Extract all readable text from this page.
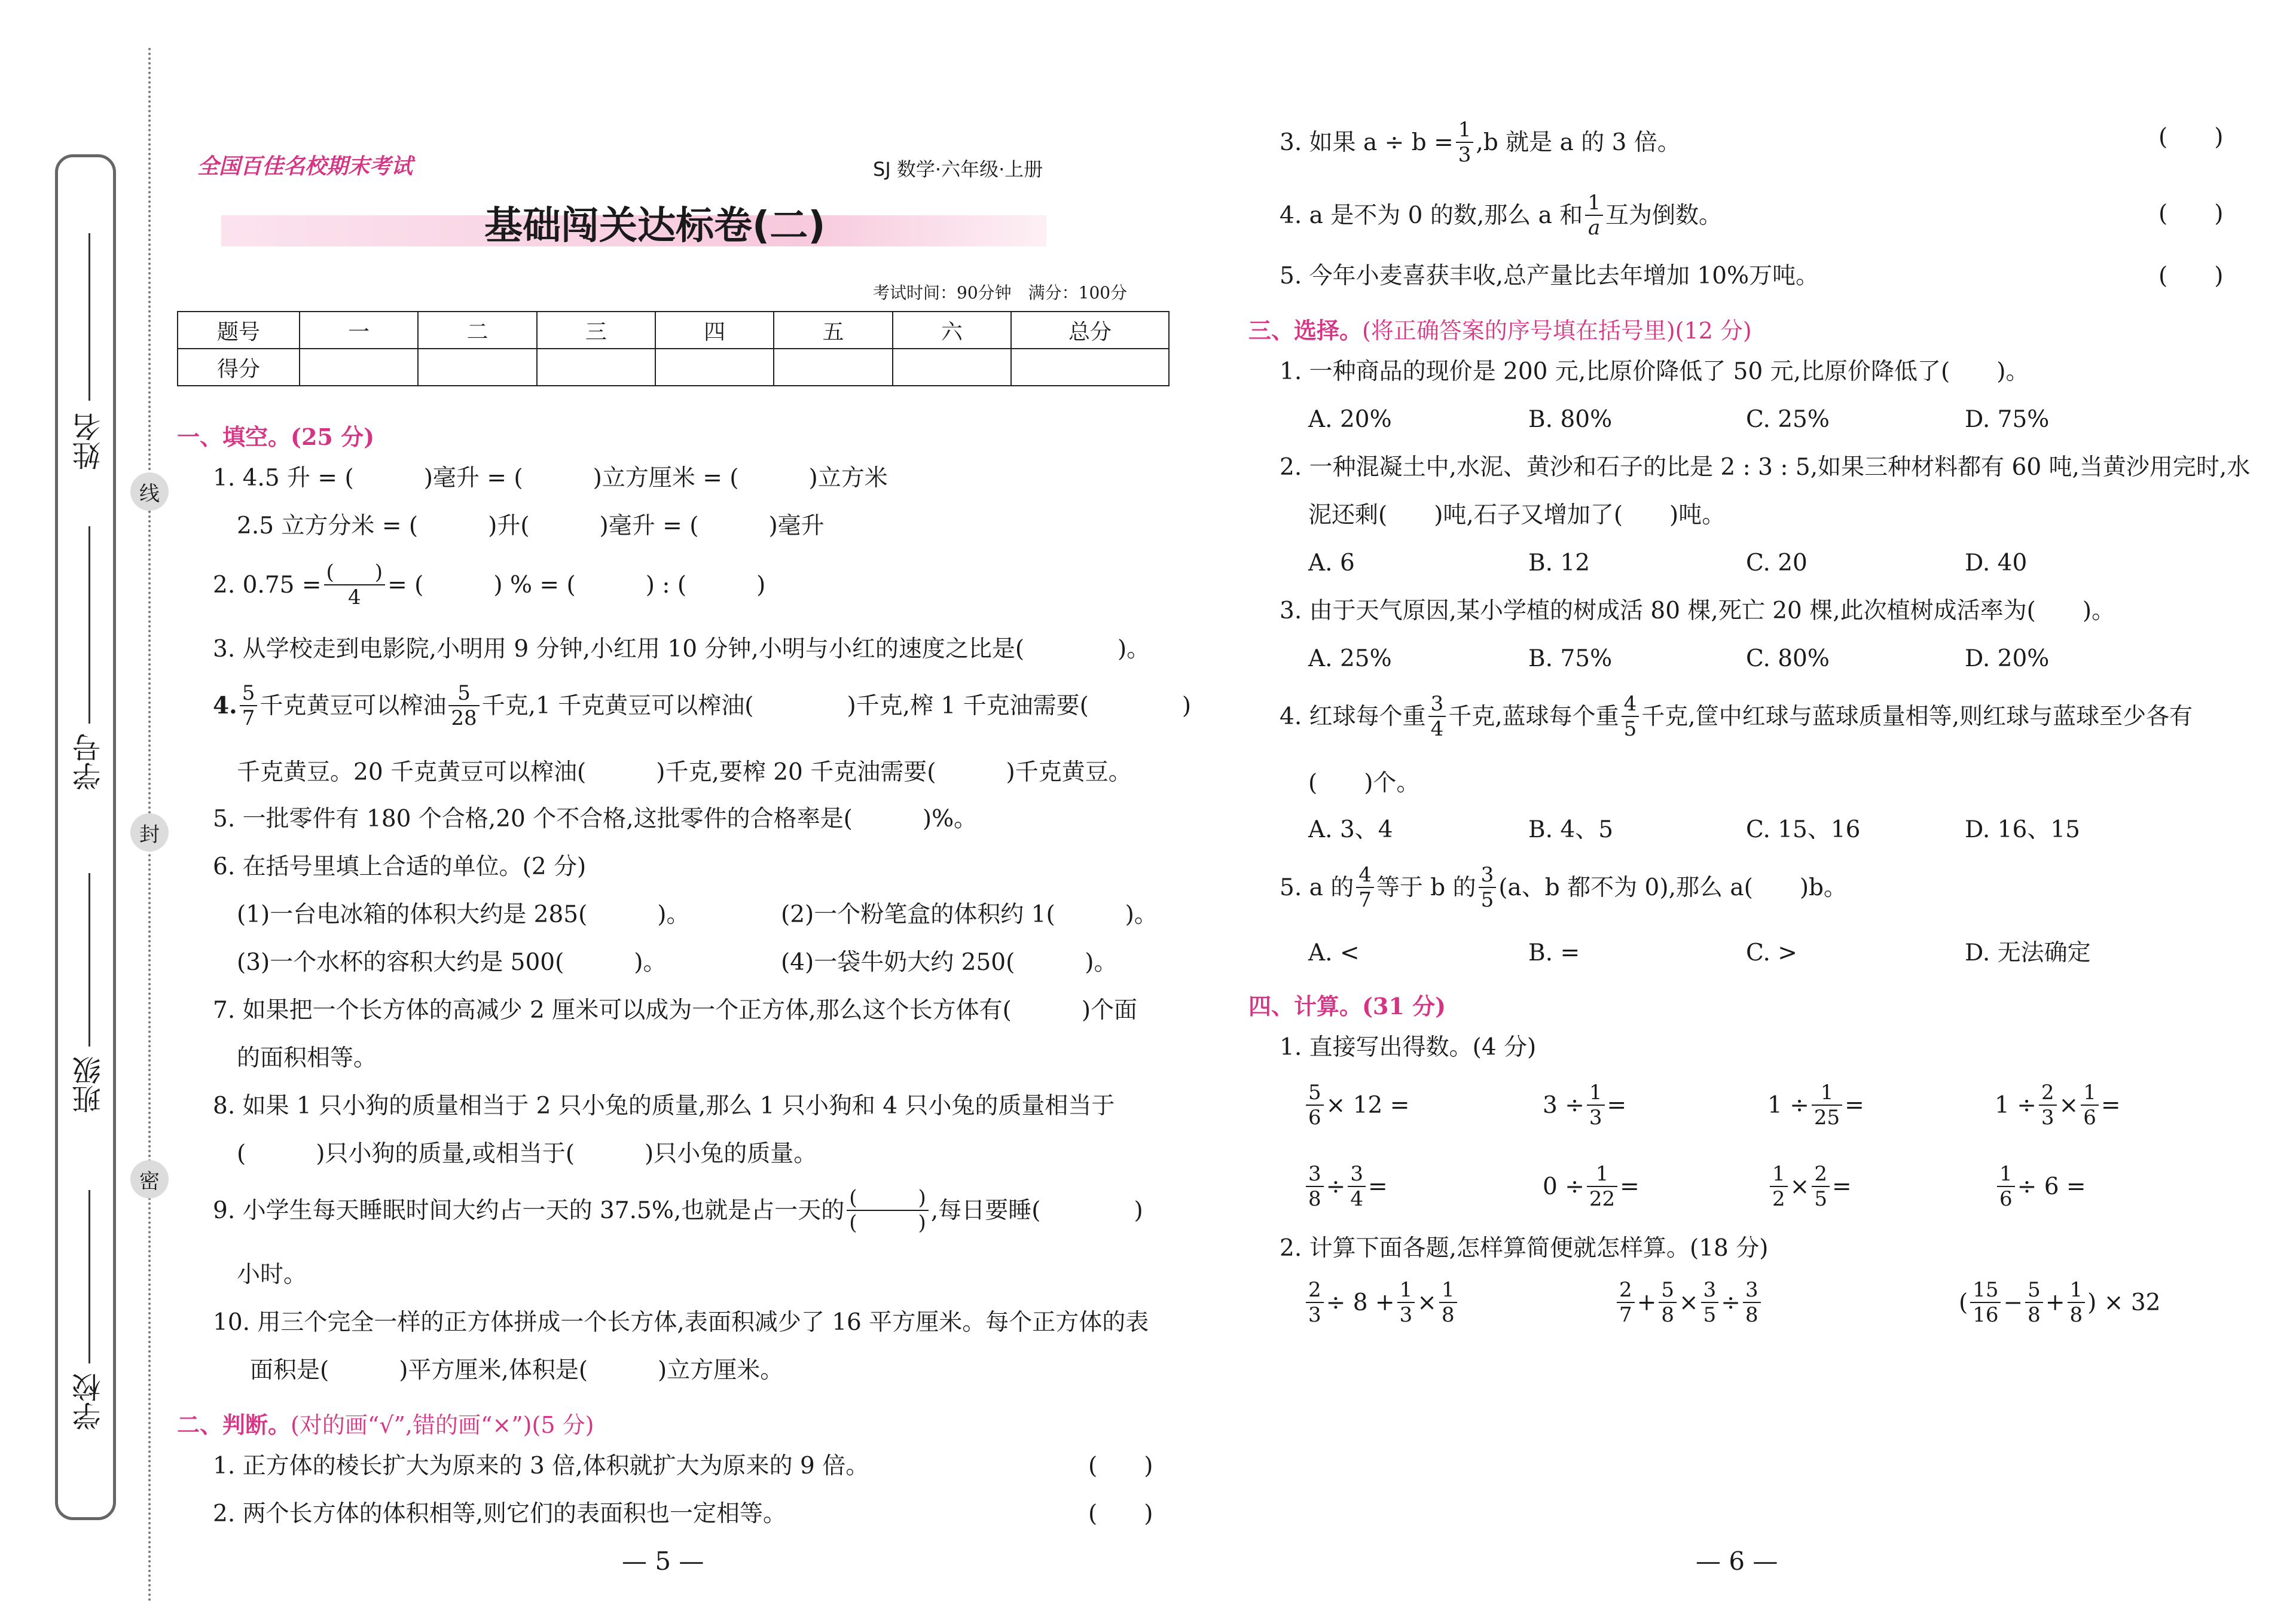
姓名
学号
班级
学校
线
封
密
全国百佳名校期末考试	SJ 数学·六年级·上册
基础闯关达标卷(二)
考试时间：90分钟　满分：100分
题号	一	二	三	四	五	六	总分
得分							
一、填空。(25 分)
1. 4.5 升 = (　　　)毫升 = (　　　)立方厘米 = (　　　)立方米
2.5 立方分米 = (　　　)升(　　　)毫升 = (　　　)毫升
2. $0.75 = \frac{( )}{4}$ = (　　　) % = (　　　) : (　　　)
3. 从学校走到电影院,小明用 9 分钟,小红用 10 分钟,小明与小红的速度之比是(　　　　)。
4. $\frac{5}{7}$ 千克黄豆可以榨油 $\frac{5}{28}$ 千克,1 千克黄豆可以榨油(　　　　)千克,榨 1 千克油需要(　　　　)
千克黄豆。20 千克黄豆可以榨油(　　　)千克,要榨 20 千克油需要(　　　)千克黄豆。
5. 一批零件有 180 个合格,20 个不合格,这批零件的合格率是(　　　)%。
6. 在括号里填上合适的单位。(2 分)
(1)一台电冰箱的体积大约是 285(　　　)。	(2)一个粉笔盒的体积约 1(　　　)。
(3)一个水杯的容积大约是 500(　　　)。	(4)一袋牛奶大约 250(　　　)。
7. 如果把一个长方体的高减少 2 厘米可以成为一个正方体,那么这个长方体有(　　　)个面
的面积相等。
8. 如果 1 只小狗的质量相当于 2 只小兔的质量,那么 1 只小狗和 4 只小兔的质量相当于
(　　　)只小狗的质量,或相当于(　　　)只小兔的质量。
9. 小学生每天睡眠时间大约占一天的 37.5%,也就是占一天的 $\frac{( )}{( )}$ ,每日要睡(　　　　)
小时。
10. 用三个完全一样的正方体拼成一个长方体,表面积减少了 16 平方厘米。每个正方体的表
面积是(　　　)平方厘米,体积是(　　　)立方厘米。
二、判断。(对的画“√”,错的画“×”)(5 分)
1. 正方体的棱长扩大为原来的 3 倍,体积就扩大为原来的 9 倍。	(　　)
2. 两个长方体的体积相等,则它们的表面积也一定相等。	(　　)
— 5 —
3. 如果 $a \div b = \frac{1}{3} ,b$ 就是 a 的 3 倍。	(　　)
4. a 是不为 0 的数,那么 a 和 $\frac{1}{a}$ 互为倒数。	(　　)
5. 今年小麦喜获丰收,总产量比去年增加 10%万吨。	(　　)
三、选择。(将正确答案的序号填在括号里)(12 分)
1. 一种商品的现价是 200 元,比原价降低了 50 元,比原价降低了(　　)。
A. 20%	B. 80%	C. 25%	D. 75%
2. 一种混凝土中,水泥、黄沙和石子的比是 2 : 3 : 5,如果三种材料都有 60 吨,当黄沙用完时,水
泥还剩(　　)吨,石子又增加了(　　)吨。
A. 6	B. 12	C. 20	D. 40
3. 由于天气原因,某小学植的树成活 80 棵,死亡 20 棵,此次植树成活率为(　　)。
A. 25%	B. 75%	C. 80%	D. 20%
4. 红球每个重 $\frac{3}{4}$ 千克,蓝球每个重 $\frac{4}{5}$ 千克,筐中红球与蓝球质量相等,则红球与蓝球至少各有
(　　)个。
A. 3、4	B. 4、5	C. 15、16	D. 16、15
5. a 的 $\frac{4}{7}$ 等于 b 的 $\frac{3}{5} (a$、b 都不为 0),那么 a(　　)b。
A. <	B. =	C. >	D. 无法确定
四、计算。(31 分)
1. 直接写出得数。(4 分)
$\frac{5}{6} \times 12$ =	$3 \div \frac{1}{3}$ =	$1 \div \frac{1}{25}$ =	$1 \div \frac{2}{3} \times \frac{1}{6}$ =
$\frac{3}{8} \div \frac{3}{4}$ =	$0 \div \frac{1}{22}$ =	$\frac{1}{2} \times \frac{2}{5}$ =	$\frac{1}{6} \div 6$ =
2. 计算下面各题,怎样算简便就怎样算。(18 分)
$\frac{2}{3} \div 8 + \frac{1}{3} \times \frac{1}{8}$	$\frac{2}{7} + \frac{5}{8} \times \frac{3}{5} \div \frac{3}{8}$	( $\frac{15}{16} - \frac{5}{8} + \frac{1}{8}$ ) × 32
— 6 —
